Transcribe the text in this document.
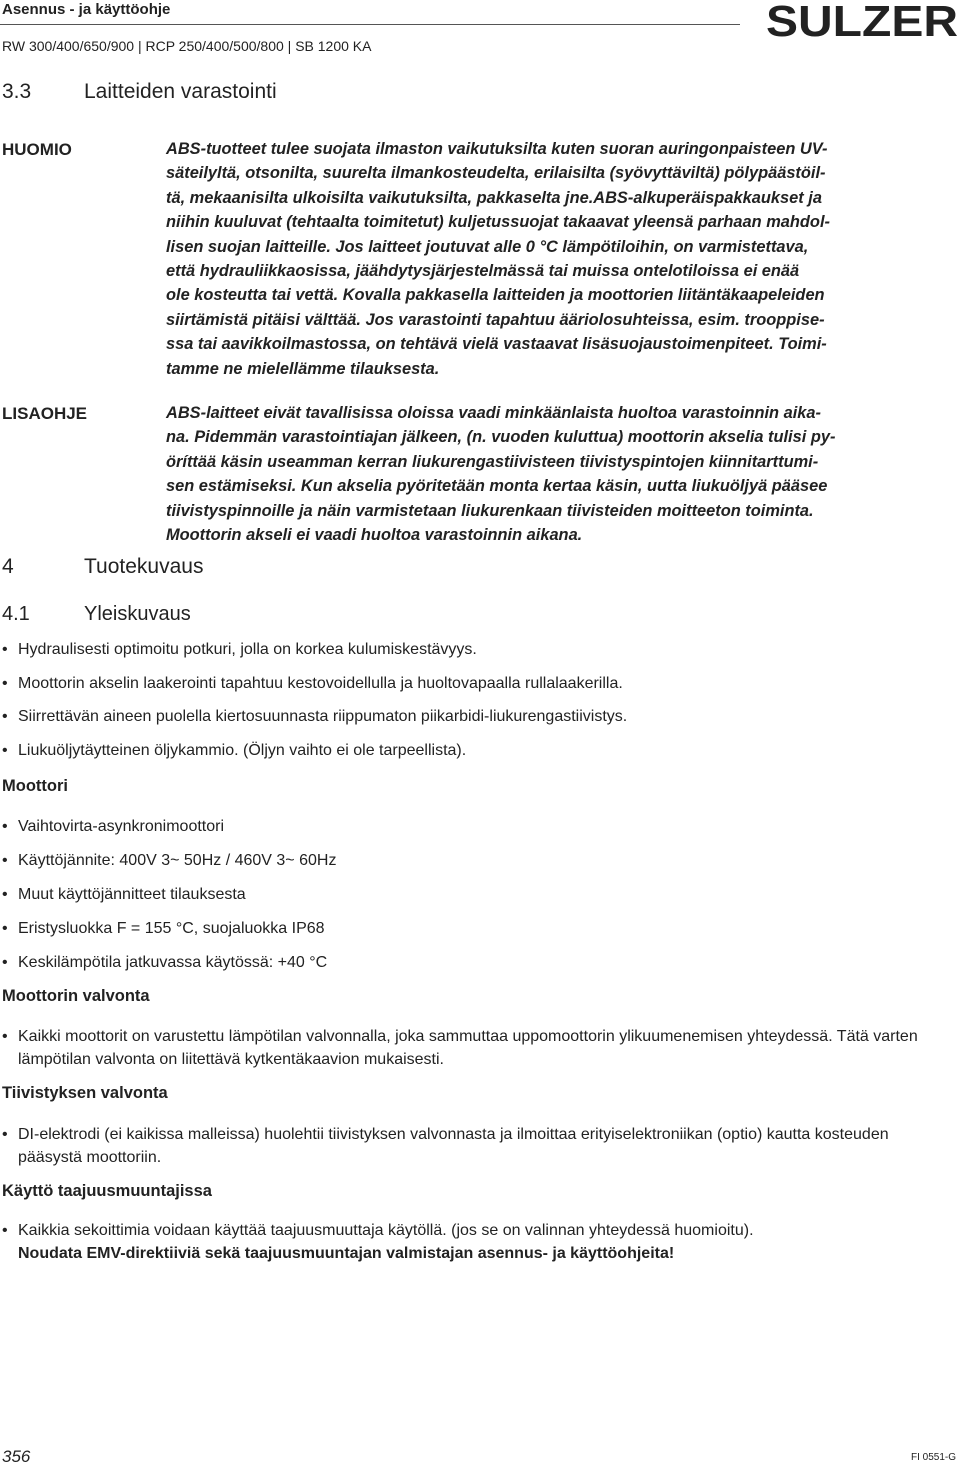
Asennus - ja käyttöohje
RW 300/400/650/900 | RCP 250/400/500/800 | SB 1200 KA	SULZER
3.3	Laitteiden varastointi
HUOMIO	ABS-tuotteet tulee suojata ilmaston vaikutuksilta kuten suoran auringonpaisteen UV-
säteilyltä, otsonilta, suurelta ilmankosteudelta, erilaisilta (syövyttäviltä) pölypäästöil-
tä, mekaanisilta ulkoisilta vaikutuksilta, pakkaselta jne.ABS-alkuperäispakkaukset ja
niihin kuuluvat (tehtaalta toimitetut) kuljetussuojat takaavat yleensä parhaan mahdol-
lisen suojan laitteille. Jos laitteet joutuvat alle 0 °C lämpötiloihin, on varmistettava,
että hydrauliikkaosissa, jäähdytysjärjestelmässä tai muissa ontelotiloissa ei enää
ole kosteutta tai vettä. Kovalla pakkasella laitteiden ja moottorien liitäntäkaapeleiden
siirtämistä pitäisi välttää. Jos varastointi tapahtuu ääriolosuhteissa, esim. trooppise-
ssa tai aavikkoilmastossa, on tehtävä vielä vastaavat lisäsuojaustoimenpiteet. Toimi-
tamme ne mielellämme tilauksesta.
LISAOHJE	ABS-laitteet eivät tavallisissa oloissa vaadi minkäänlaista huoltoa varastoinnin aika-
na. Pidemmän varastointiajan jälkeen, (n. vuoden kuluttua) moottorin akselia tulisi py-
öríttää käsin useamman kerran liukurengastiivisteen tiivistyspintojen kiinnitarttumi-
sen estämiseksi. Kun akselia pyöritetään monta kertaa käsin, uutta liukuöljyä pääsee
tiivistyspinnoille ja näin varmistetaan liukurenkaan tiivisteiden moitteeton toiminta.
Moottorin akseli ei vaadi huoltoa varastoinnin aikana.
4	Tuotekuvaus
4.1	Yleiskuvaus
• Hydraulisesti optimoitu potkuri, jolla on korkea kulumiskestävyys.
• Moottorin akselin laakerointi tapahtuu kestovoidellulla ja huoltovapaalla rullalaakerilla.
• Siirrettävän aineen puolella kiertosuunnasta riippumaton piikarbidi-liukurengastiivistys.
• Liukuöljytäytteinen öljykammio. (Öljyn vaihto ei ole tarpeellista).
Moottori
• Vaihtovirta-asynkronimoottori
• Käyttöjännite: 400V 3~ 50Hz / 460V 3~ 60Hz
• Muut käyttöjännitteet tilauksesta
• Eristysluokka F = 155 °C, suojaluokka IP68
• Keskilämpötila jatkuvassa käytössä: +40 °C
Moottorin valvonta
• Kaikki moottorit on varustettu lämpötilan valvonnalla, joka sammuttaa uppomoottorin ylikuumenemisen yhteydessä. Tätä varten lämpötilan valvonta on liitettävä kytkentäkaavion mukaisesti.
Tiivistyksen valvonta
• DI-elektrodi (ei kaikissa malleissa) huolehtii tiivistyksen valvonnasta ja ilmoittaa erityiselektroniikan (optio) kautta kosteuden pääsystä moottoriin.
Käyttö taajuusmuuntajissa
• Kaikkia sekoittimia voidaan käyttää taajuusmuuttaja käytöllä. (jos se on valinnan yhteydessä huomioitu).
Noudata EMV-direktiiviä sekä taajuusmuuntajan valmistajan asennus- ja käyttöohjeita!
356	FI 0551-G
